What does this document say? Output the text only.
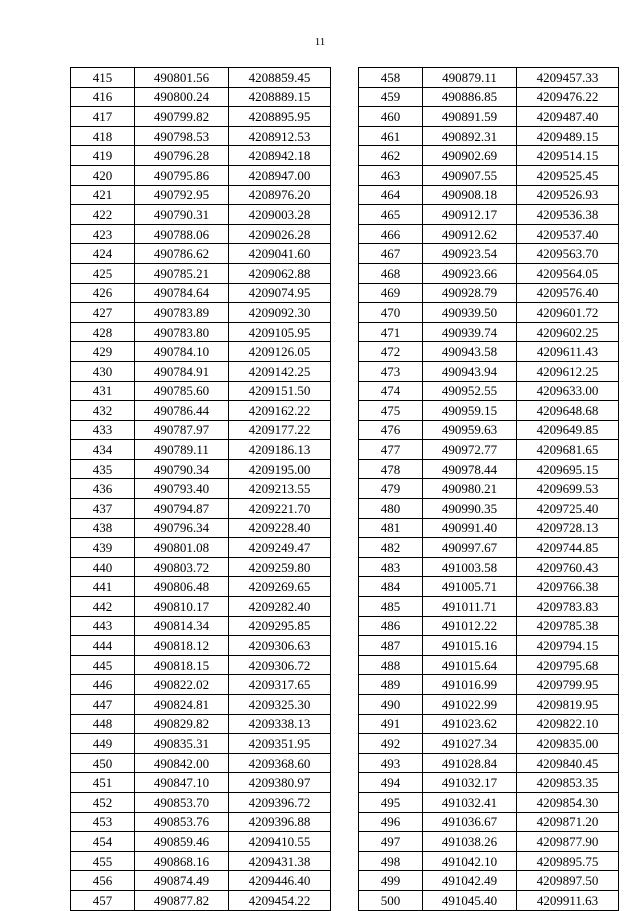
11
415	490801.56	4208859.45
416	490800.24	4208889.15
417	490799.82	4208895.95
418	490798.53	4208912.53
419	490796.28	4208942.18
420	490795.86	4208947.00
421	490792.95	4208976.20
422	490790.31	4209003.28
423	490788.06	4209026.28
424	490786.62	4209041.60
425	490785.21	4209062.88
426	490784.64	4209074.95
427	490783.89	4209092.30
428	490783.80	4209105.95
429	490784.10	4209126.05
430	490784.91	4209142.25
431	490785.60	4209151.50
432	490786.44	4209162.22
433	490787.97	4209177.22
434	490789.11	4209186.13
435	490790.34	4209195.00
436	490793.40	4209213.55
437	490794.87	4209221.70
438	490796.34	4209228.40
439	490801.08	4209249.47
440	490803.72	4209259.80
441	490806.48	4209269.65
442	490810.17	4209282.40
443	490814.34	4209295.85
444	490818.12	4209306.63
445	490818.15	4209306.72
446	490822.02	4209317.65
447	490824.81	4209325.30
448	490829.82	4209338.13
449	490835.31	4209351.95
450	490842.00	4209368.60
451	490847.10	4209380.97
452	490853.70	4209396.72
453	490853.76	4209396.88
454	490859.46	4209410.55
455	490868.16	4209431.38
456	490874.49	4209446.40
457	490877.82	4209454.22
458	490879.11	4209457.33
459	490886.85	4209476.22
460	490891.59	4209487.40
461	490892.31	4209489.15
462	490902.69	4209514.15
463	490907.55	4209525.45
464	490908.18	4209526.93
465	490912.17	4209536.38
466	490912.62	4209537.40
467	490923.54	4209563.70
468	490923.66	4209564.05
469	490928.79	4209576.40
470	490939.50	4209601.72
471	490939.74	4209602.25
472	490943.58	4209611.43
473	490943.94	4209612.25
474	490952.55	4209633.00
475	490959.15	4209648.68
476	490959.63	4209649.85
477	490972.77	4209681.65
478	490978.44	4209695.15
479	490980.21	4209699.53
480	490990.35	4209725.40
481	490991.40	4209728.13
482	490997.67	4209744.85
483	491003.58	4209760.43
484	491005.71	4209766.38
485	491011.71	4209783.83
486	491012.22	4209785.38
487	491015.16	4209794.15
488	491015.64	4209795.68
489	491016.99	4209799.95
490	491022.99	4209819.95
491	491023.62	4209822.10
492	491027.34	4209835.00
493	491028.84	4209840.45
494	491032.17	4209853.35
495	491032.41	4209854.30
496	491036.67	4209871.20
497	491038.26	4209877.90
498	491042.10	4209895.75
499	491042.49	4209897.50
500	491045.40	4209911.63
